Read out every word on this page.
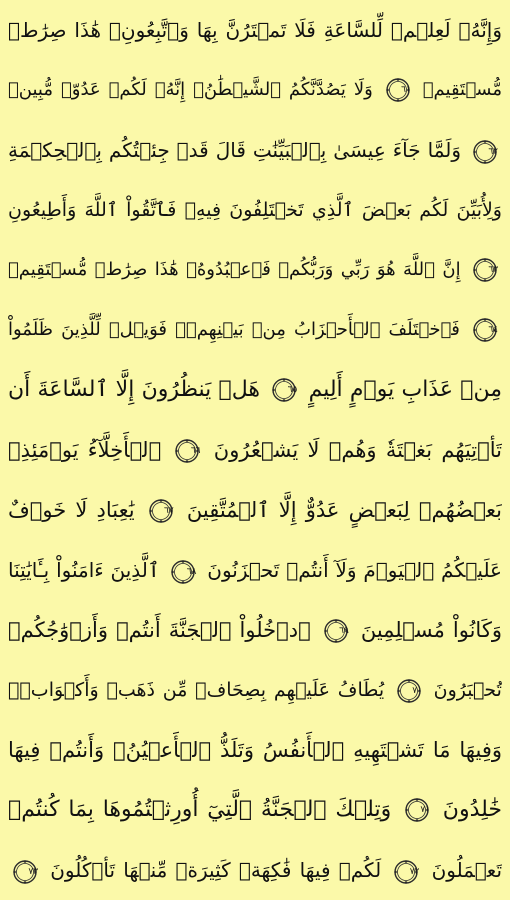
وَإِنَّهُۥ لَعِلۡمٞ لِّلسَّاعَةِ فَلَا تَمۡتَرُنَّ بِهَا وَٱتَّبِعُونِۚ هَٰذَا صِرَٰطٞ
مُّسۡتَقِيمٞ
٦١
وَلَا يَصُدَّنَّكُمُ ٱلشَّيۡطَٰنُۖ إِنَّهُۥ لَكُمۡ عَدُوّٞ مُّبِينٞ
٦٢
وَلَمَّا جَآءَ عِيسَىٰ بِٱلۡبَيِّنَٰتِ قَالَ قَدۡ جِئۡتُكُم بِٱلۡحِكۡمَةِ
وَلِأُبَيِّنَ لَكُم بَعۡضَ ٱلَّذِي تَخۡتَلِفُونَ فِيهِۖ فَٱتَّقُواْ ٱللَّهَ وَأَطِيعُونِ
٦٣
إِنَّ ٱللَّهَ هُوَ رَبِّي وَرَبُّكُمۡ فَٱعۡبُدُوهُۚ هَٰذَا صِرَٰطٞ مُّسۡتَقِيمٞ
٦٤
فَٱخۡتَلَفَ ٱلۡأَحۡزَابُ مِنۢ بَيۡنِهِمۡۖ فَوَيۡلٞ لِّلَّذِينَ ظَلَمُواْ
مِنۡ عَذَابِ يَوۡمٍ أَلِيمٍ
٦٥
هَلۡ يَنظُرُونَ إِلَّا ٱلسَّاعَةَ أَن
تَأۡتِيَهُم بَغۡتَةٗ وَهُمۡ لَا يَشۡعُرُونَ
٦٦
ٱلۡأَخِلَّآءُ يَوۡمَئِذِۭ
بَعۡضُهُمۡ لِبَعۡضٍ عَدُوٌّ إِلَّا ٱلۡمُتَّقِينَ
٦٧
يَٰعِبَادِ لَا خَوۡفٌ
عَلَيۡكُمُ ٱلۡيَوۡمَ وَلَآ أَنتُمۡ تَحۡزَنُونَ
٦٨
ٱلَّذِينَ ءَامَنُواْ بِـَٔايَٰتِنَا
وَكَانُواْ مُسۡلِمِينَ
٦٩
ٱدۡخُلُواْ ٱلۡجَنَّةَ أَنتُمۡ وَأَزۡوَٰجُكُمۡ
تُحۡبَرُونَ
٧٠
يُطَافُ عَلَيۡهِم بِصِحَافٖ مِّن ذَهَبٖ وَأَكۡوَابٖۖ
وَفِيهَا مَا تَشۡتَهِيهِ ٱلۡأَنفُسُ وَتَلَذُّ ٱلۡأَعۡيُنُۖ وَأَنتُمۡ فِيهَا
خَٰلِدُونَ
٧١
وَتِلۡكَ ٱلۡجَنَّةُ ٱلَّتِيٓ أُورِثۡتُمُوهَا بِمَا كُنتُمۡ
تَعۡمَلُونَ
٧٢
لَكُمۡ فِيهَا فَٰكِهَةٞ كَثِيرَةٞ مِّنۡهَا تَأۡكُلُونَ
٧٣
